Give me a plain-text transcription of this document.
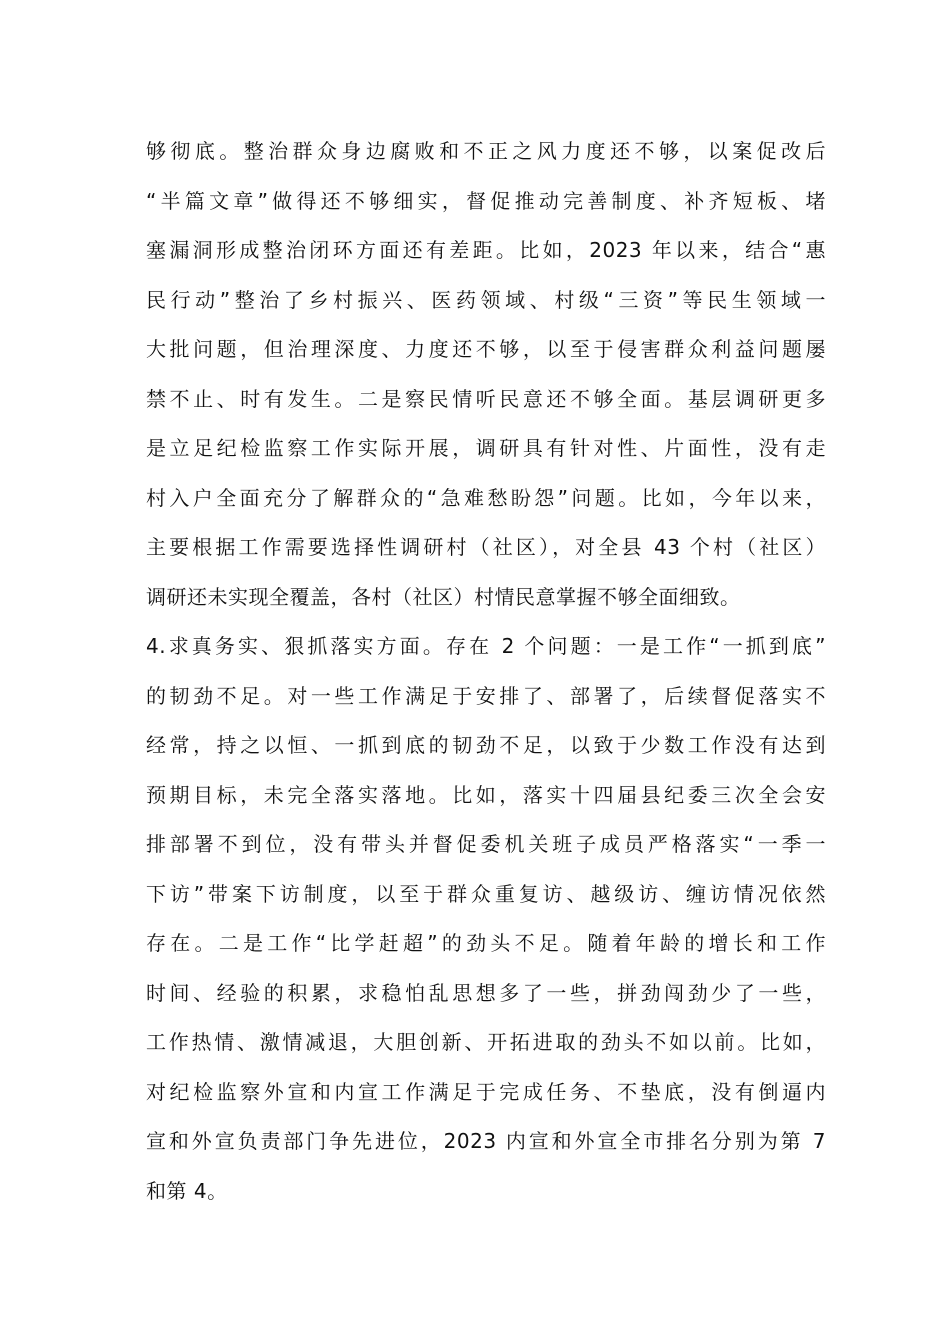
够彻底。整治群众身边腐败和不正之风力度还不够，以案促改后
“半篇文章”做得还不够细实，督促推动完善制度、补齐短板、堵
塞漏洞形成整治闭环方面还有差距。比如，2023 年以来，结合“惠
民行动”整治了乡村振兴、医药领域、村级“三资”等民生领域一
大批问题，但治理深度、力度还不够，以至于侵害群众利益问题屡
禁不止、时有发生。二是察民情听民意还不够全面。基层调研更多
是立足纪检监察工作实际开展，调研具有针对性、片面性，没有走
村入户全面充分了解群众的“急难愁盼怨”问题。比如，今年以来，
主要根据工作需要选择性调研村（社区），对全县 43 个村（社区）
调研还未实现全覆盖，各村（社区）村情民意掌握不够全面细致。
4.求真务实、狠抓落实方面。存在 2 个问题：一是工作“一抓到底”
的韧劲不足。对一些工作满足于安排了、部署了，后续督促落实不
经常，持之以恒、一抓到底的韧劲不足，以致于少数工作没有达到
预期目标，未完全落实落地。比如，落实十四届县纪委三次全会安
排部署不到位，没有带头并督促委机关班子成员严格落实“一季一
下访”带案下访制度，以至于群众重复访、越级访、缠访情况依然
存在。二是工作“比学赶超”的劲头不足。随着年龄的增长和工作
时间、经验的积累，求稳怕乱思想多了一些，拼劲闯劲少了一些，
工作热情、激情减退，大胆创新、开拓进取的劲头不如以前。比如，
对纪检监察外宣和内宣工作满足于完成任务、不垫底，没有倒逼内
宣和外宣负责部门争先进位，2023 内宣和外宣全市排名分别为第 7
和第 4。
